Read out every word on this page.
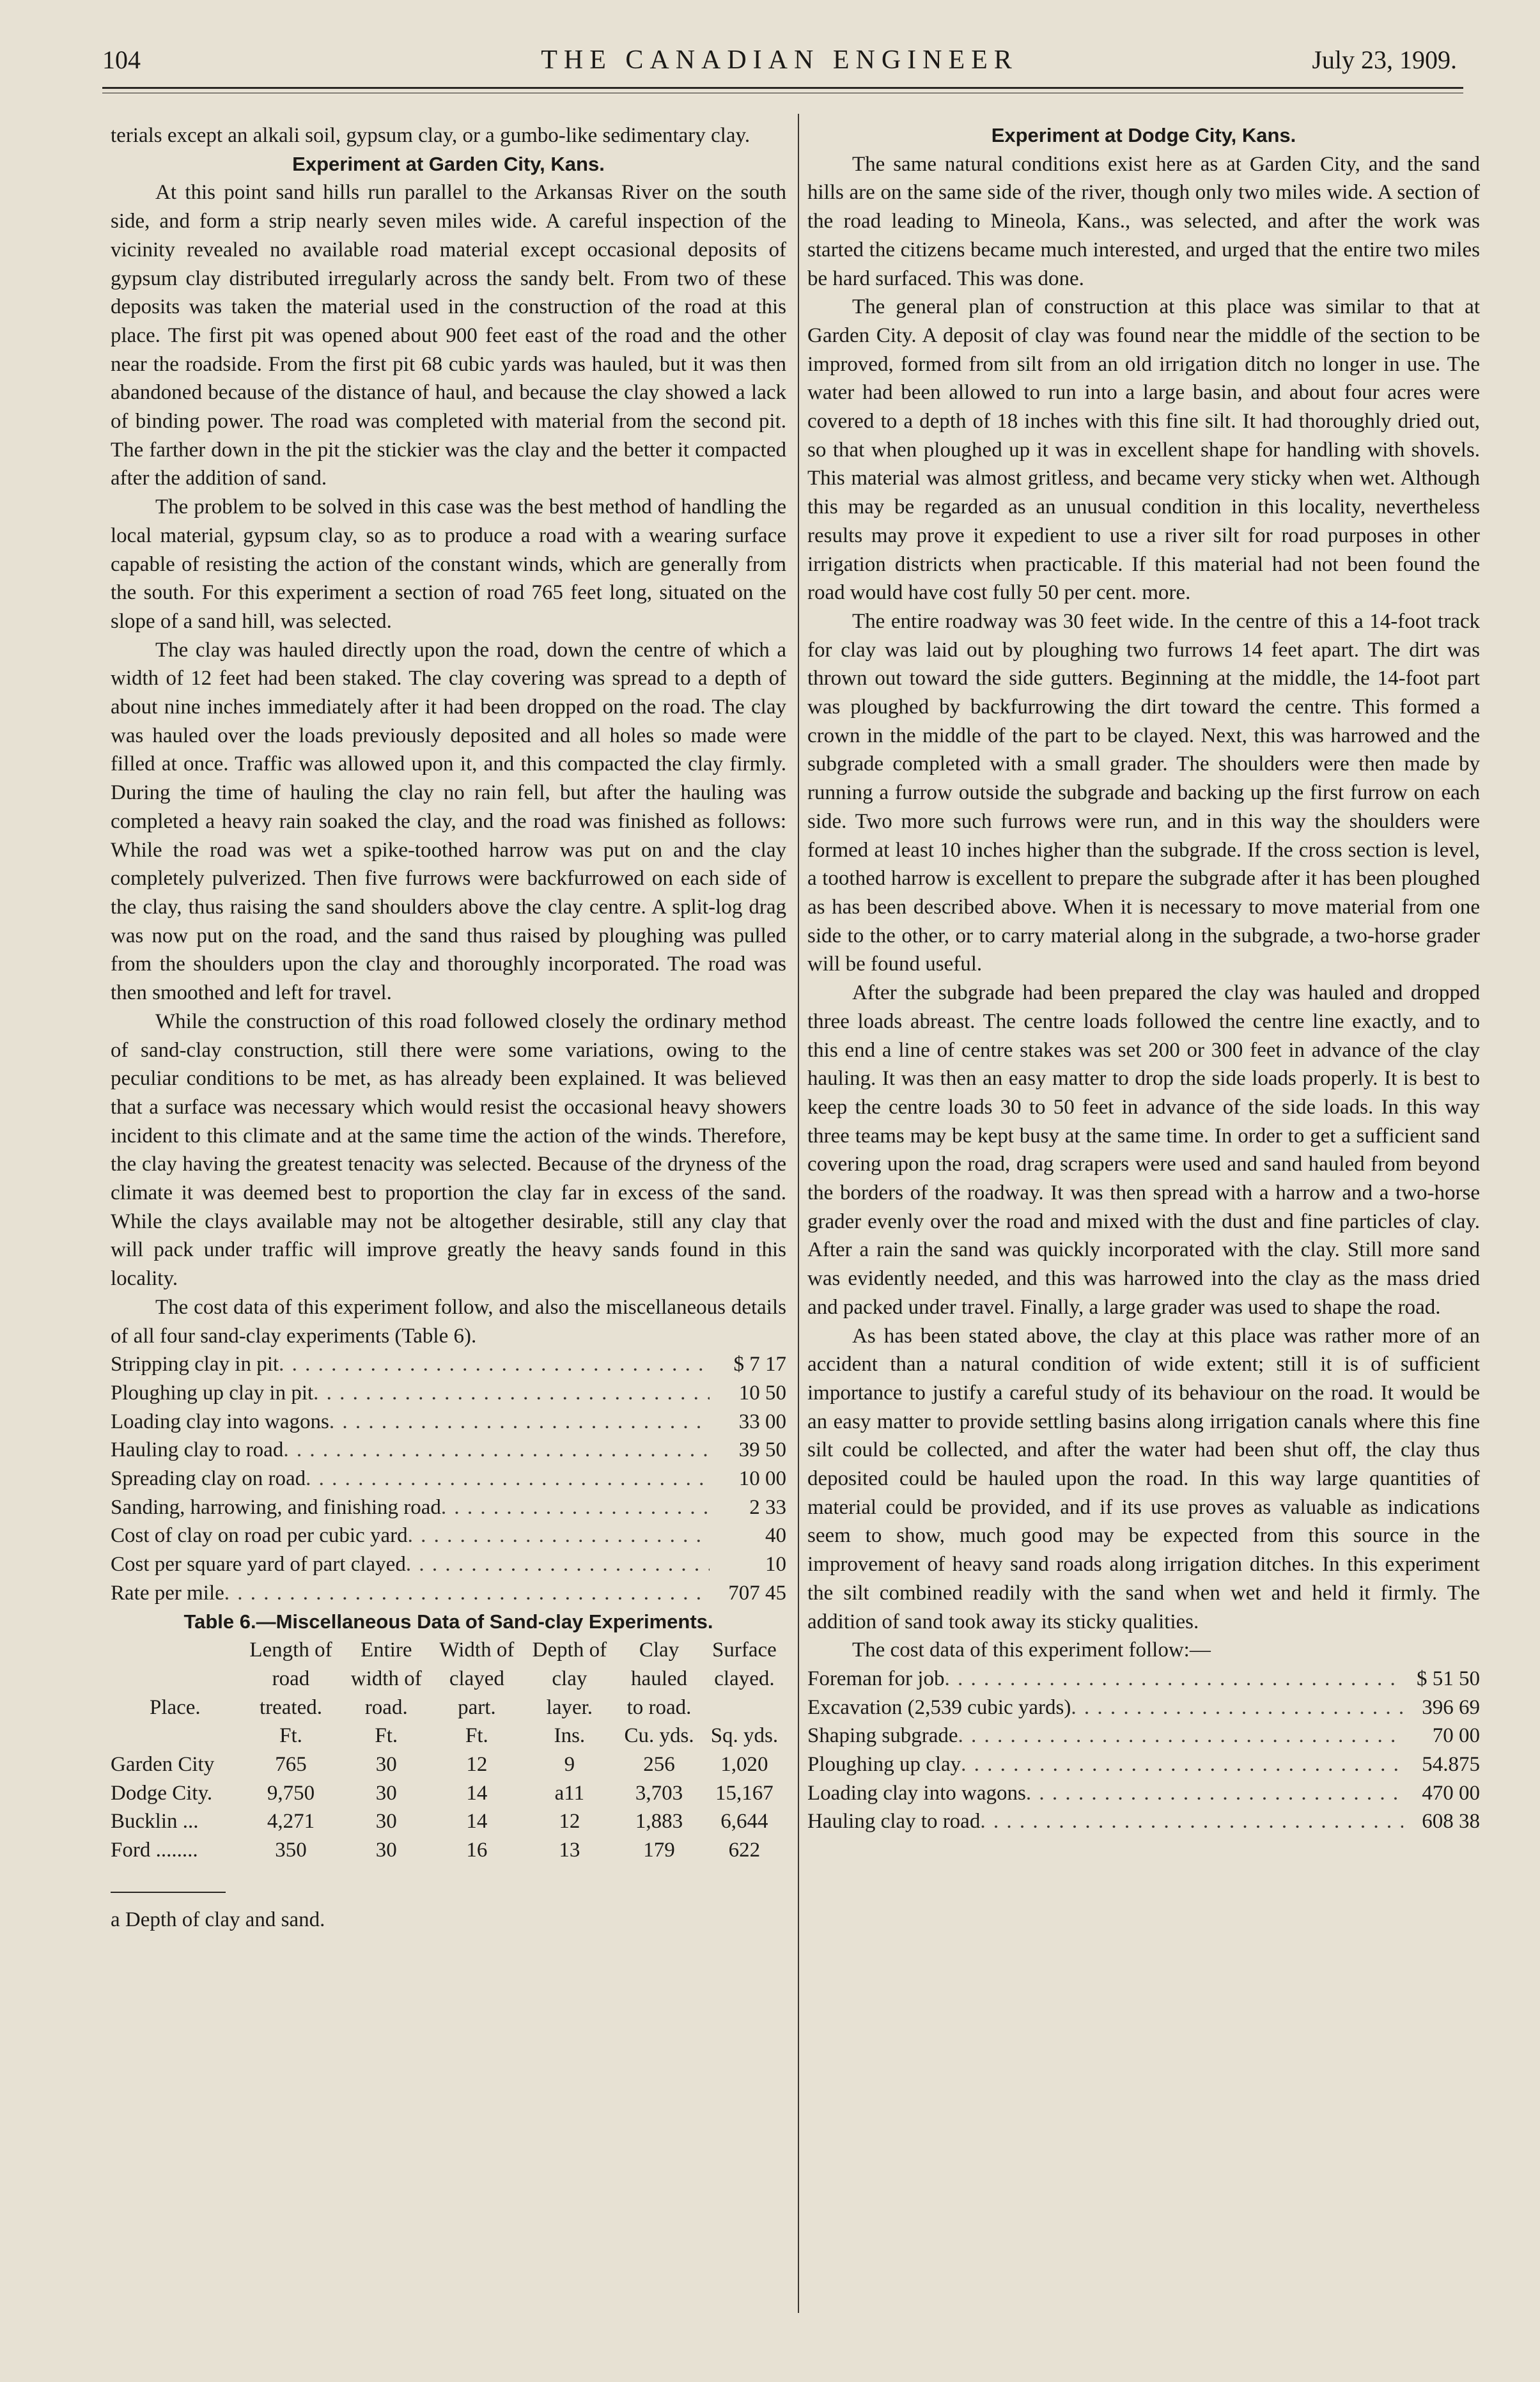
104	THE CANADIAN ENGINEER	July 23, 1909.

terials except an alkali soil, gypsum clay, or a gumbo-like sedimentary clay.

Experiment at Garden City, Kans.

At this point sand hills run parallel to the Arkansas River on the south side, and form a strip nearly seven miles wide. A careful inspection of the vicinity revealed no available road material except occasional deposits of gypsum clay distributed irregularly across the sandy belt. From two of these deposits was taken the material used in the construction of the road at this place. The first pit was opened about 900 feet east of the road and the other near the roadside. From the first pit 68 cubic yards was hauled, but it was then abandoned because of the distance of haul, and because the clay showed a lack of binding power. The road was completed with material from the second pit. The farther down in the pit the stickier was the clay and the better it compacted after the addition of sand.

The problem to be solved in this case was the best method of handling the local material, gypsum clay, so as to produce a road with a wearing surface capable of resisting the action of the constant winds, which are generally from the south. For this experiment a section of road 765 feet long, situated on the slope of a sand hill, was selected.

The clay was hauled directly upon the road, down the centre of which a width of 12 feet had been staked. The clay covering was spread to a depth of about nine inches immediately after it had been dropped on the road. The clay was hauled over the loads previously deposited and all holes so made were filled at once. Traffic was allowed upon it, and this compacted the clay firmly. During the time of hauling the clay no rain fell, but after the hauling was completed a heavy rain soaked the clay, and the road was finished as follows: While the road was wet a spike-toothed harrow was put on and the clay completely pulverized. Then five furrows were backfurrowed on each side of the clay, thus raising the sand shoulders above the clay centre. A split-log drag was now put on the road, and the sand thus raised by ploughing was pulled from the shoulders upon the clay and thoroughly incorporated. The road was then smoothed and left for travel.

While the construction of this road followed closely the ordinary method of sand-clay construction, still there were some variations, owing to the peculiar conditions to be met, as has already been explained. It was believed that a surface was necessary which would resist the occasional heavy showers incident to this climate and at the same time the action of the winds. Therefore, the clay having the greatest tenacity was selected. Because of the dryness of the climate it was deemed best to proportion the clay far in excess of the sand. While the clays available may not be altogether desirable, still any clay that will pack under traffic will improve greatly the heavy sands found in this locality.

The cost data of this experiment follow, and also the miscellaneous details of all four sand-clay experiments (Table 6).

Stripping clay in pit . . .	$ 7 17
Ploughing up clay in pit . . .	10 50
Loading clay into wagons . . .	33 00
Hauling clay to road . . .	39 50
Spreading clay on road . . .	10 00
Sanding, harrowing, and finishing road . . .	2 33
Cost of clay on road per cubic yard . . .	40
Cost per square yard of part clayed . . .	10
Rate per mile . . .	707 45

Table 6.—Miscellaneous Data of Sand-clay Experiments.

	Length of	Entire	Width of	Depth of	Clay	Surface
	road	width of	clayed	clay	hauled	clayed.
Place.	treated.	road.	part.	layer.	to road.	
	Ft.	Ft.	Ft.	Ins.	Cu. yds.	Sq. yds.
Garden City	765	30	12	9	256	1,020
Dodge City.	9,750	30	14	a11	3,703	15,167
Bucklin ...	4,271	30	14	12	1,883	6,644
Ford ........	350	30	16	13	179	622

a Depth of clay and sand.

Experiment at Dodge City, Kans.

The same natural conditions exist here as at Garden City, and the sand hills are on the same side of the river, though only two miles wide. A section of the road leading to Mineola, Kans., was selected, and after the work was started the citizens became much interested, and urged that the entire two miles be hard surfaced. This was done.

The general plan of construction at this place was similar to that at Garden City. A deposit of clay was found near the middle of the section to be improved, formed from silt from an old irrigation ditch no longer in use. The water had been allowed to run into a large basin, and about four acres were covered to a depth of 18 inches with this fine silt. It had thoroughly dried out, so that when ploughed up it was in excellent shape for handling with shovels. This material was almost gritless, and became very sticky when wet. Although this may be regarded as an unusual condition in this locality, nevertheless results may prove it expedient to use a river silt for road purposes in other irrigation districts when practicable. If this material had not been found the road would have cost fully 50 per cent. more.

The entire roadway was 30 feet wide. In the centre of this a 14-foot track for clay was laid out by ploughing two furrows 14 feet apart. The dirt was thrown out toward the side gutters. Beginning at the middle, the 14-foot part was ploughed by backfurrowing the dirt toward the centre. This formed a crown in the middle of the part to be clayed. Next, this was harrowed and the subgrade completed with a small grader. The shoulders were then made by running a furrow outside the subgrade and backing up the first furrow on each side. Two more such furrows were run, and in this way the shoulders were formed at least 10 inches higher than the subgrade. If the cross section is level, a toothed harrow is excellent to prepare the subgrade after it has been ploughed as has been described above. When it is necessary to move material from one side to the other, or to carry material along in the subgrade, a two-horse grader will be found useful.

After the subgrade had been prepared the clay was hauled and dropped three loads abreast. The centre loads followed the centre line exactly, and to this end a line of centre stakes was set 200 or 300 feet in advance of the clay hauling. It was then an easy matter to drop the side loads properly. It is best to keep the centre loads 30 to 50 feet in advance of the side loads. In this way three teams may be kept busy at the same time. In order to get a sufficient sand covering upon the road, drag scrapers were used and sand hauled from beyond the borders of the roadway. It was then spread with a harrow and a two-horse grader evenly over the road and mixed with the dust and fine particles of clay. After a rain the sand was quickly incorporated with the clay. Still more sand was evidently needed, and this was harrowed into the clay as the mass dried and packed under travel. Finally, a large grader was used to shape the road.

As has been stated above, the clay at this place was rather more of an accident than a natural condition of wide extent; still it is of sufficient importance to justify a careful study of its behaviour on the road. It would be an easy matter to provide settling basins along irrigation canals where this fine silt could be collected, and after the water had been shut off, the clay thus deposited could be hauled upon the road. In this way large quantities of material could be provided, and if its use proves as valuable as indications seem to show, much good may be expected from this source in the improvement of heavy sand roads along irrigation ditches. In this experiment the silt combined readily with the sand when wet and held it firmly. The addition of sand took away its sticky qualities.

The cost data of this experiment follow:—

Foreman for job . . .	$ 51 50
Excavation (2,539 cubic yards) . . .	396 69
Shaping subgrade . . .	70 00
Ploughing up clay . . .	54.875
Loading clay into wagons . . .	470 00
Hauling clay to road . . .	608 38
